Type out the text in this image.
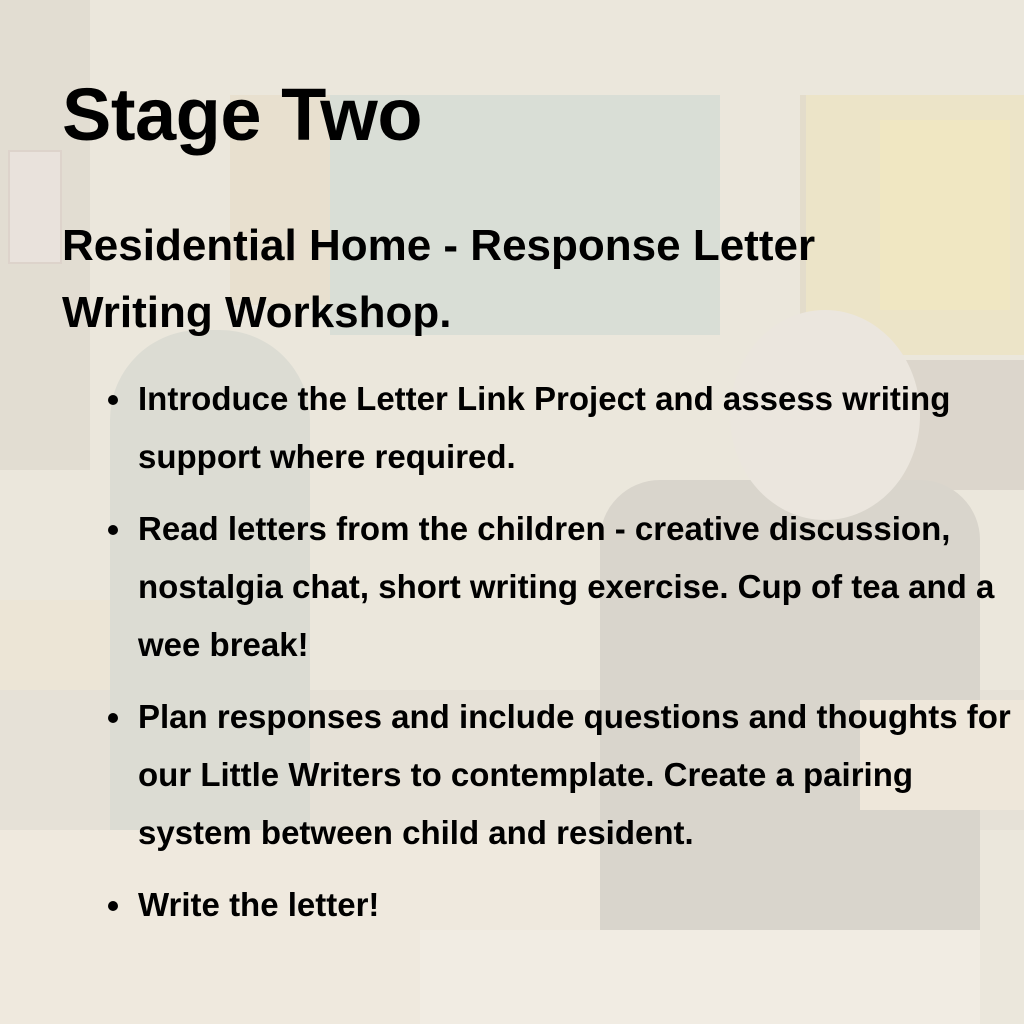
Stage Two

Residential Home - Response Letter Writing Workshop.

Introduce the Letter Link Project and assess writing support where required.
Read letters from the children - creative discussion, nostalgia chat, short writing exercise. Cup of tea and a wee break!
Plan responses and include questions and thoughts for our Little Writers to contemplate. Create a pairing system between child and resident.
Write the letter!
